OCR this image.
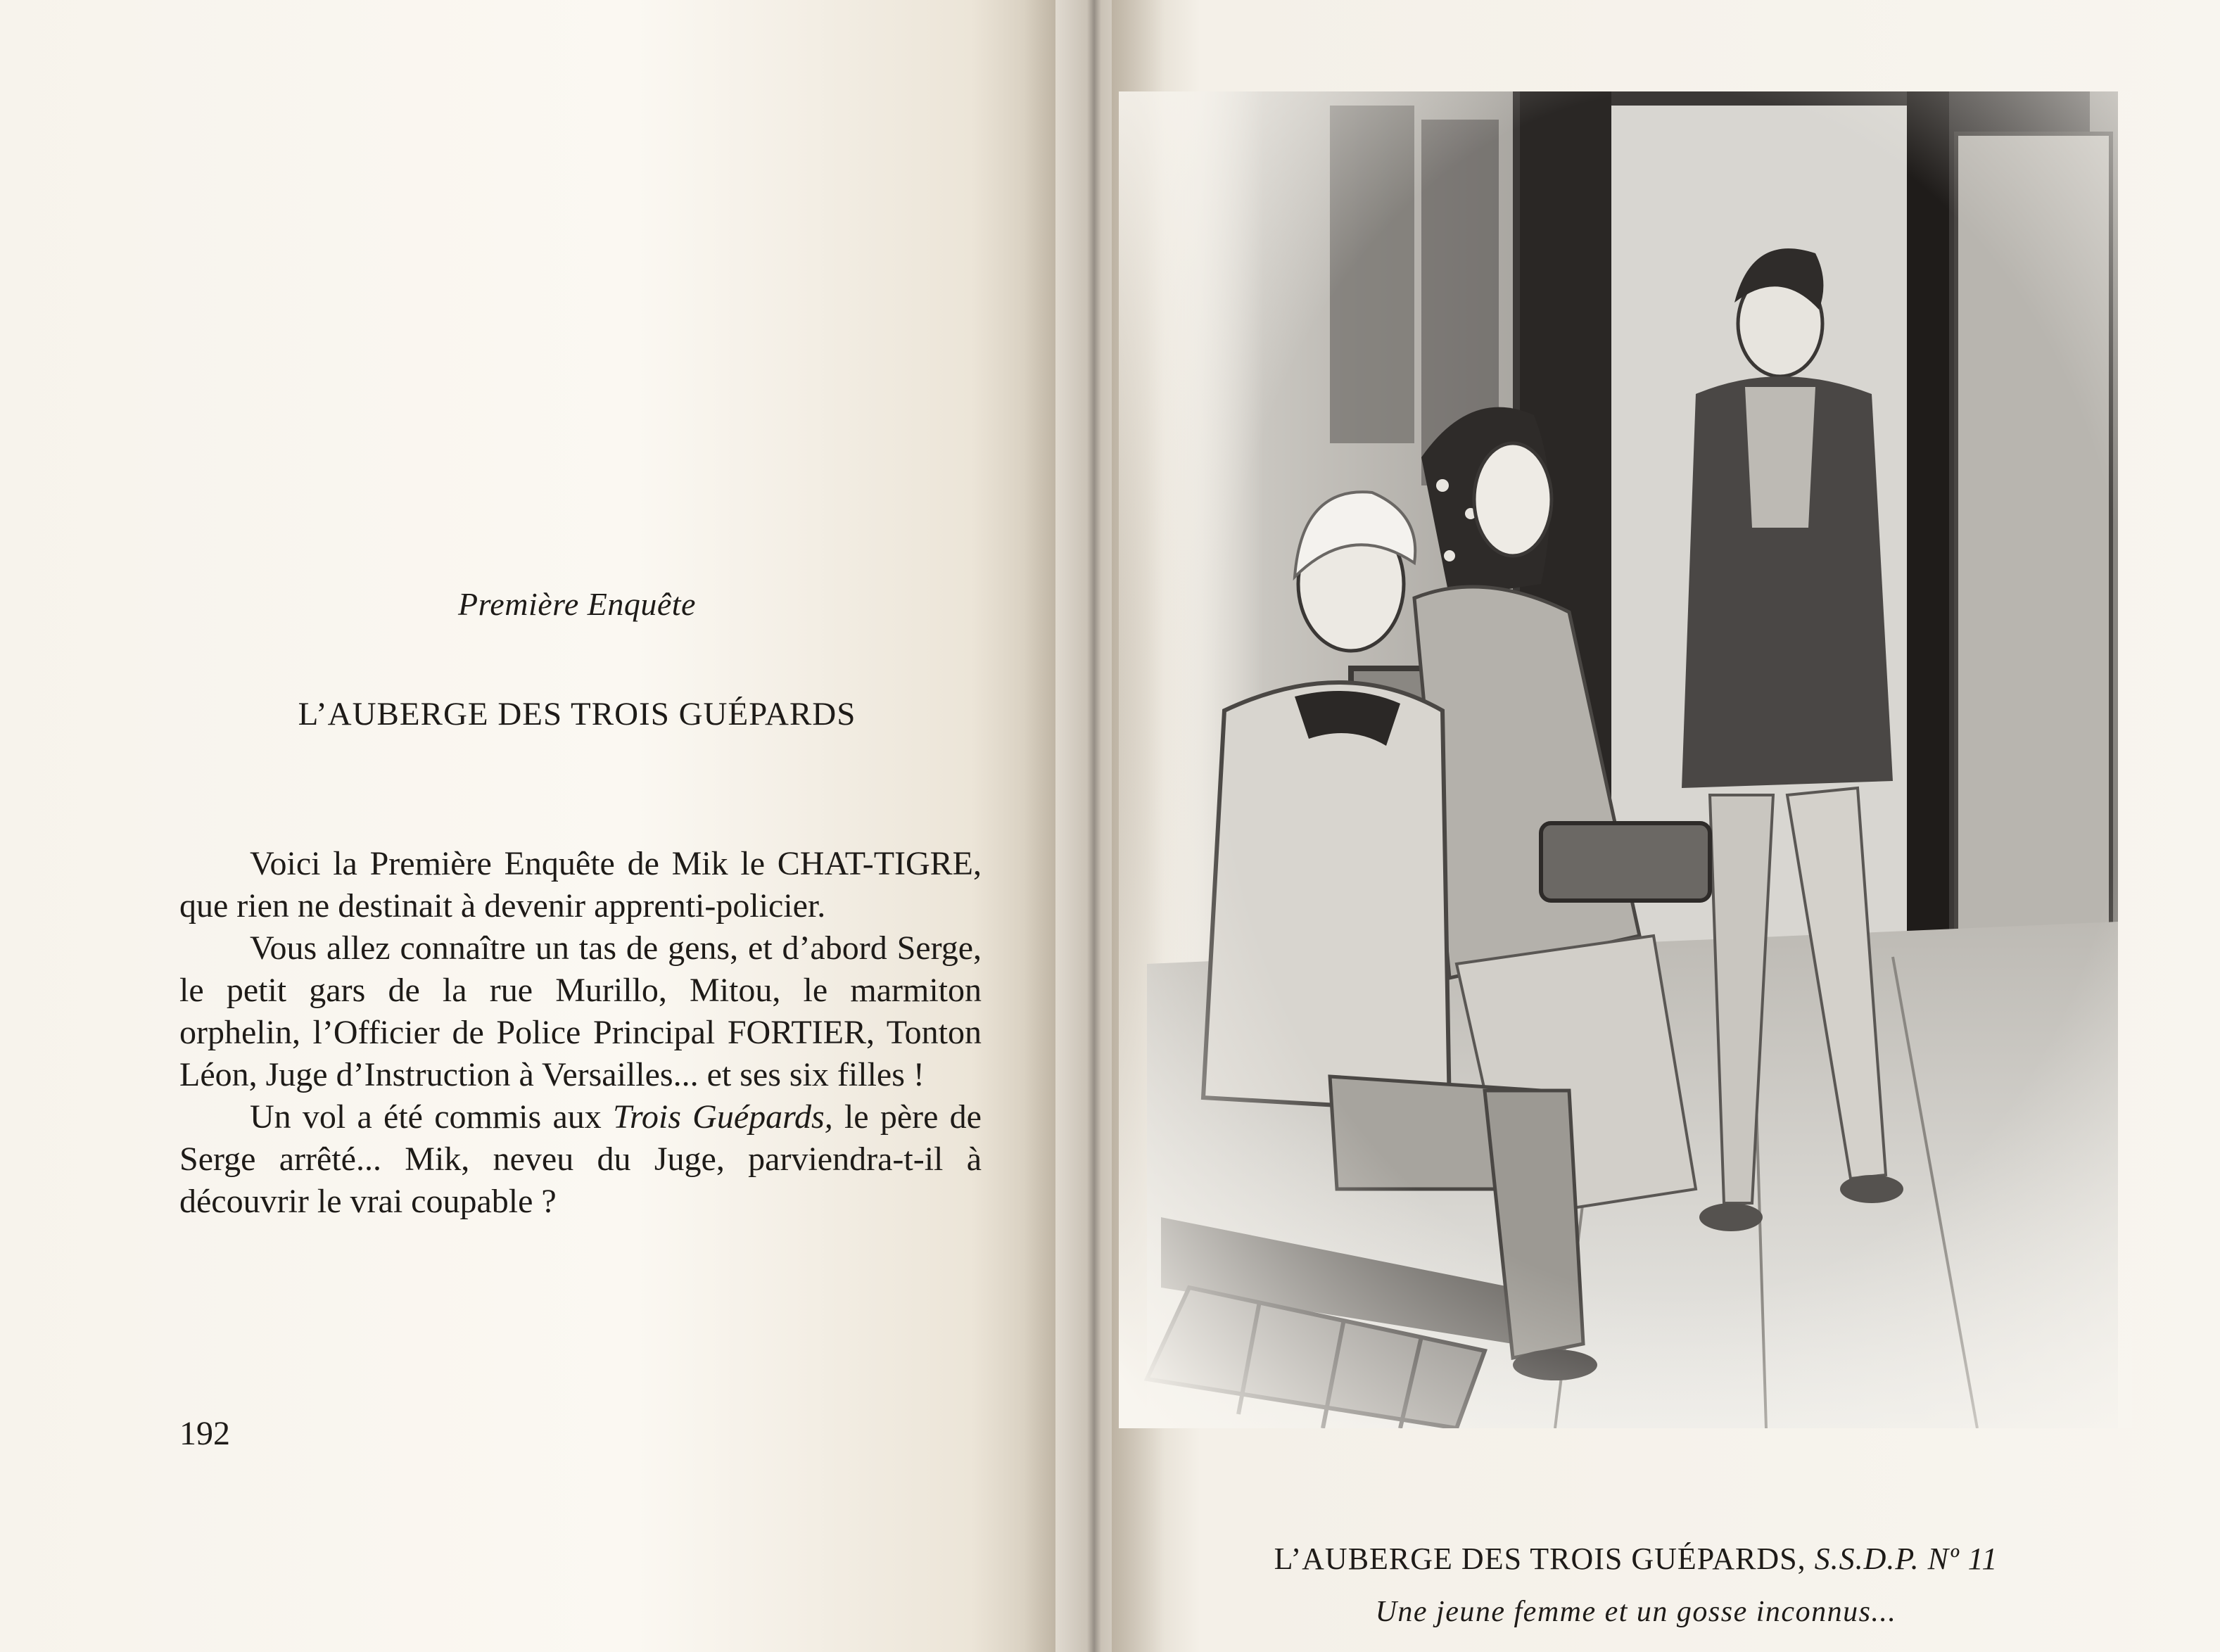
Première Enquête
L’AUBERGE DES TROIS GUÉPARDS

Voici la Première Enquête de Mik le CHAT-TIGRE, que rien ne destinait à devenir apprenti-policier.

Vous allez connaître un tas de gens, et d’abord Serge, le petit gars de la rue Murillo, Mitou, le marmiton orphelin, l’Officier de Police Principal FORTIER, Tonton Léon, Juge d’Instruction à Versailles... et ses six filles !

Un vol a été commis aux Trois Guépards, le père de Serge arrêté... Mik, neveu du Juge, parviendra-t-il à découvrir le vrai coupable ?

192
L’AUBERGE DES TROIS GUÉPARDS, S.S.D.P. Nº 11
Une jeune femme et un gosse inconnus...
